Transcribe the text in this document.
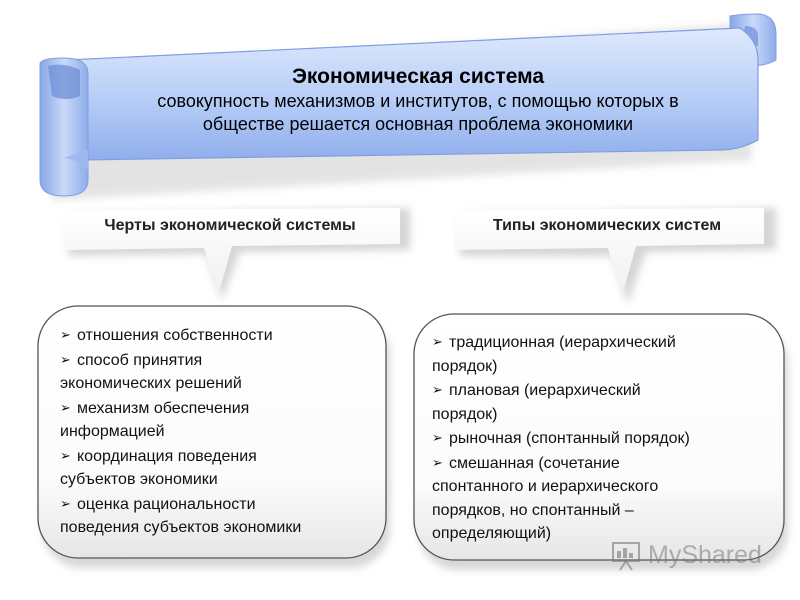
Экономическая система
совокупность механизмов и институтов, с помощью которых в
обществе решается основная проблема экономики
Черты экономической системы	Типы экономических систем
➢ отношения собственности
➢ способ принятия
экономических решений
➢ механизм обеспечения
информацией
➢ координация поведения
субъектов экономики
➢ оценка рациональности
поведения субъектов экономики
➢ традиционная (иерархический
порядок)
➢ плановая (иерархический
порядок)
➢ рыночная (спонтанный порядок)
➢ смешанная (сочетание
спонтанного и иерархического
порядков, но спонтанный –
определяющий)
MyShared
